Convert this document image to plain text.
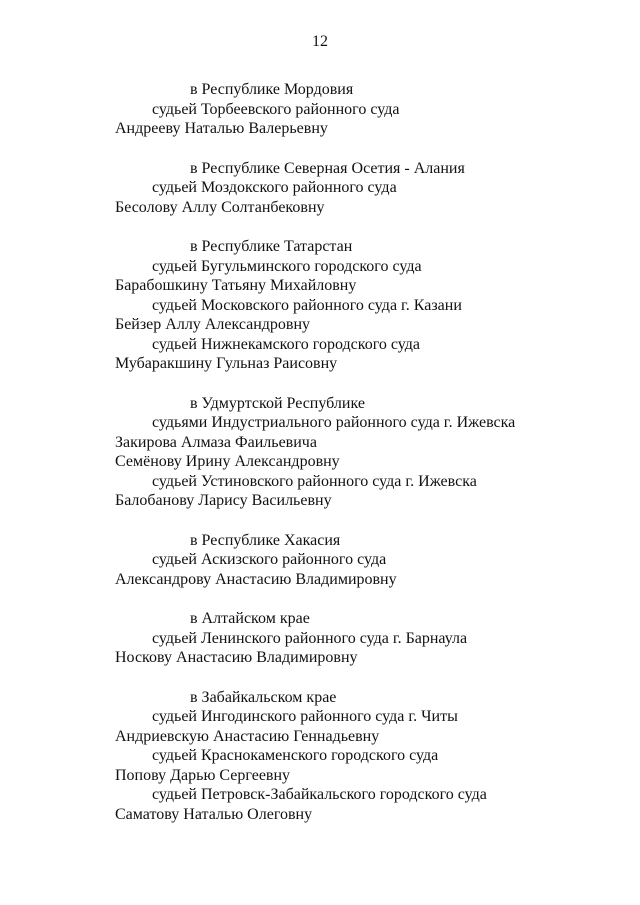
12
в Республике Мордовия
судьей Торбеевского районного суда
Андрееву Наталью Валерьевну
в Республике Северная Осетия - Алания
судьей Моздокского районного суда
Бесолову Аллу Солтанбековну
в Республике Татарстан
судьей Бугульминского городского суда
Барабошкину Татьяну Михайловну
судьей Московского районного суда г. Казани
Бейзер Аллу Александровну
судьей Нижнекамского городского суда
Мубаракшину Гульназ Раисовну
в Удмуртской Республике
судьями Индустриального районного суда г. Ижевска
Закирова Алмаза Фаильевича
Семёнову Ирину Александровну
судьей Устиновского районного суда г. Ижевска
Балобанову Ларису Васильевну
в Республике Хакасия
судьей Аскизского районного суда
Александрову Анастасию Владимировну
в Алтайском крае
судьей Ленинского районного суда г. Барнаула
Носкову Анастасию Владимировну
в Забайкальском крае
судьей Ингодинского районного суда г. Читы
Андриевскую Анастасию Геннадьевну
судьей Краснокаменского городского суда
Попову Дарью Сергеевну
судьей Петровск-Забайкальского городского суда
Саматову Наталью Олеговну
